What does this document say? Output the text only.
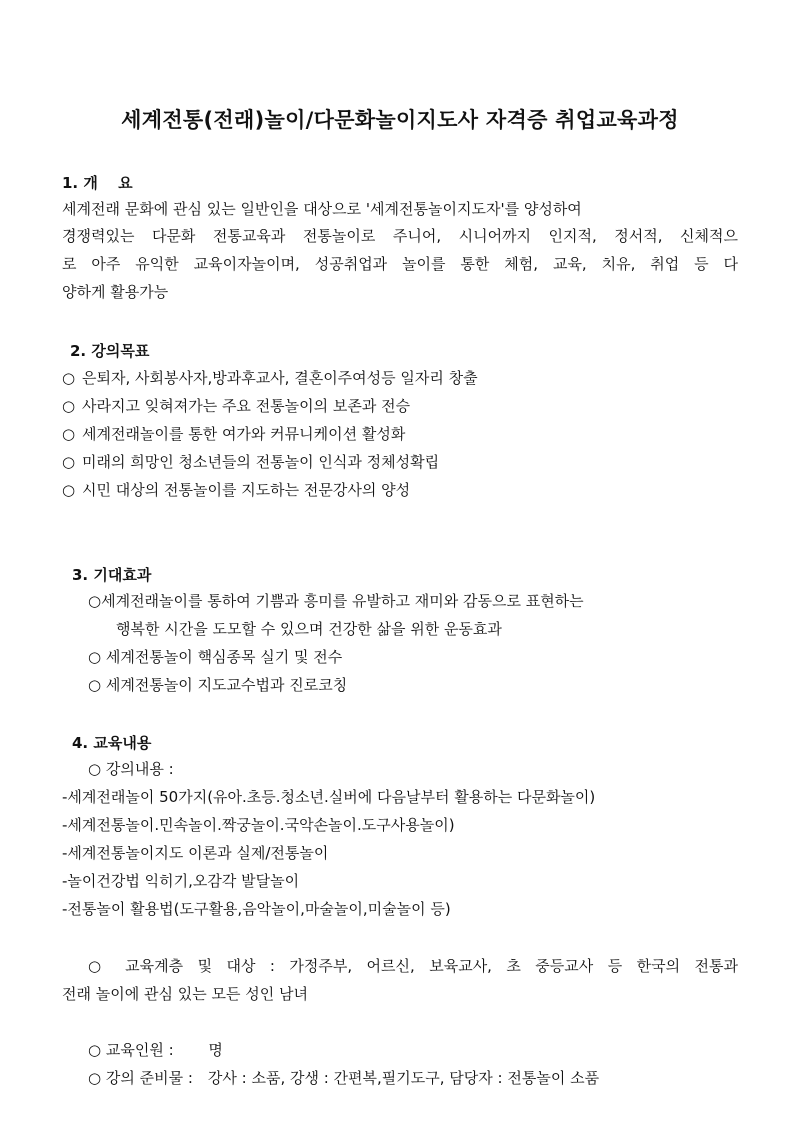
세계전통(전래)놀이/다문화놀이지도사 자격증 취업교육과정
1. 개　 요
세계전래 문화에 관심 있는 일반인을 대상으로 '세계전통놀이지도자'를 양성하여
경쟁력있는 다문화 전통교육과 전통놀이로 주니어, 시니어까지 인지적, 정서적, 신체적으
로 아주 유익한 교육이자놀이며, 성공취업과 놀이를 통한 체험, 교육, 치유, 취업 등 다
양하게 활용가능
2. 강의목표
○ 은퇴자, 사회봉사자,방과후교사, 결혼이주여성등 일자리 창출
○ 사라지고 잊혀져가는 주요 전통놀이의 보존과 전승
○ 세계전래놀이를 통한 여가와 커뮤니케이션 활성화
○ 미래의 희망인 청소년들의 전통놀이 인식과 정체성확립
○ 시민 대상의 전통놀이를 지도하는 전문강사의 양성
3. 기대효과
○세계전래놀이를 통하여 기쁨과 흥미를 유발하고 재미와 감동으로 표현하는
행복한 시간을 도모할 수 있으며 건강한 삶을 위한 운동효과
○ 세계전통놀이 핵심종목 실기 및 전수
○ 세계전통놀이 지도교수법과 진로코칭
4. 교육내용
○ 강의내용 :
-세계전래놀이 50가지(유아.초등.청소년.실버에 다음날부터 활용하는 다문화놀이)
-세계전통놀이.민속놀이.짝궁놀이.국악손놀이.도구사용놀이)
-세계전통놀이지도 이론과 실제/전통놀이
-놀이건강법 익히기,오감각 발달놀이
-전통놀이 활용법(도구활용,음악놀이,마술놀이,미술놀이 등)
○ 교육계층 및 대상 : 가정주부, 어르신, 보육교사, 초 중등교사 등 한국의 전통과
전래 놀이에 관심 있는 모든 성인 남녀
○ 교육인원 :　　 명
○ 강의 준비물 :　강사 : 소품, 강생 : 간편복,필기도구, 담당자 : 전통놀이 소품
